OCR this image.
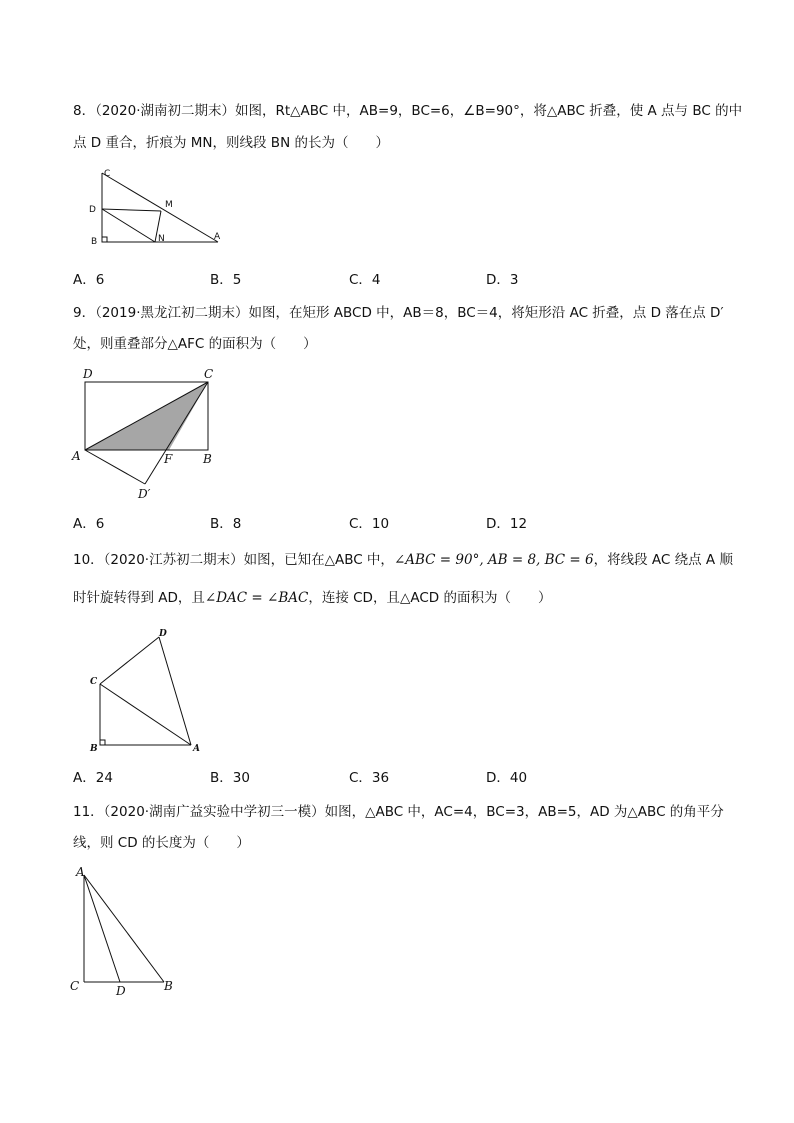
8．（2020·湖南初二期末）如图，Rt△ABC 中，AB=9，BC=6，∠B=90°，将△ABC 折叠，使 A 点与 BC 的中
点 D 重合，折痕为 MN，则线段 BN 的长为（　　）
C
D	M
B	N	A
A．6	B．5	C．4	D．3
9．（2019·黑龙江初二期末）如图，在矩形 ABCD 中，AB＝8，BC＝4，将矩形沿 AC 折叠，点 D 落在点 D′
处，则重叠部分△AFC 的面积为（　　）
D	C
A	F	B
D′
A．6	B．8	C．10	D．12
10．（2020·江苏初二期末）如图，已知在△ABC 中，∠ABC = 90°, AB = 8, BC = 6，将线段 AC 绕点 A 顺
时针旋转得到 AD，且∠DAC = ∠BAC，连接 CD，且△ACD 的面积为（　　）
D
C
B	A
A．24	B．30	C．36	D．40
11．（2020·湖南广益实验中学初三一模）如图，△ABC 中，AC=4，BC=3，AB=5，AD 为△ABC 的角平分
线，则 CD 的长度为（　　）
A
C	D	B
